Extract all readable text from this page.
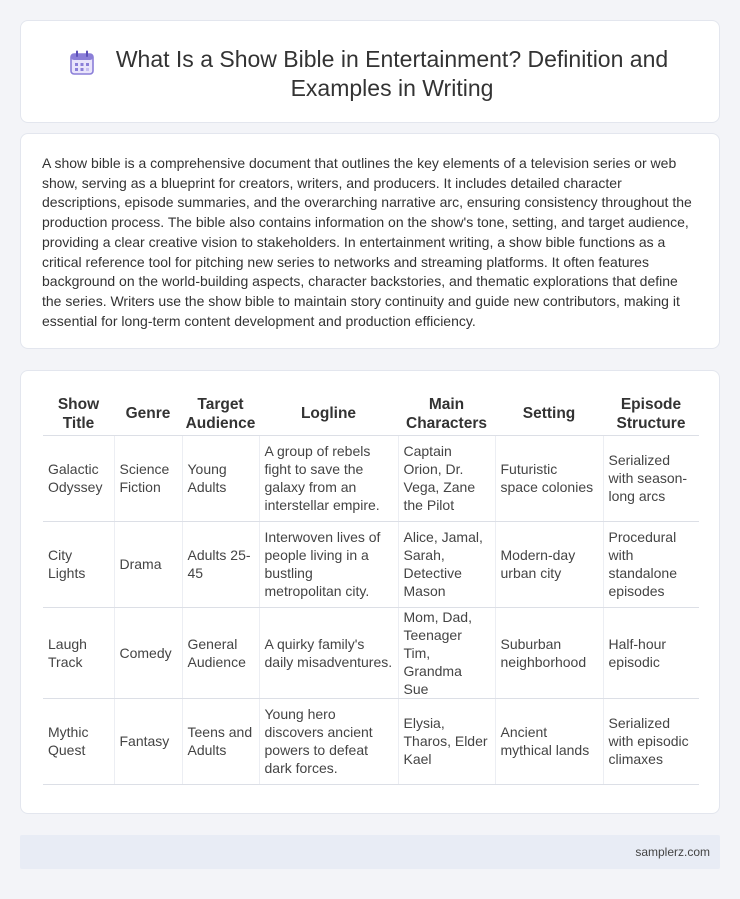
What Is a Show Bible in Entertainment? Definition and Examples in Writing

A show bible is a comprehensive document that outlines the key elements of a television series or web show, serving as a blueprint for creators, writers, and producers. It includes detailed character descriptions, episode summaries, and the overarching narrative arc, ensuring consistency throughout the production process. The bible also contains information on the show's tone, setting, and target audience, providing a clear creative vision to stakeholders. In entertainment writing, a show bible functions as a critical reference tool for pitching new series to networks and streaming platforms. It often features background on the world-building aspects, character backstories, and thematic explorations that define the series. Writers use the show bible to maintain story continuity and guide new contributors, making it essential for long-term content development and production efficiency.

Show Title	Genre	Target Audience	Logline	Main Characters	Setting	Episode Structure
Galactic Odyssey	Science Fiction	Young Adults	A group of rebels fight to save the galaxy from an interstellar empire.	Captain Orion, Dr. Vega, Zane the Pilot	Futuristic space colonies	Serialized with season-long arcs
City Lights	Drama	Adults 25-45	Interwoven lives of people living in a bustling metropolitan city.	Alice, Jamal, Sarah, Detective Mason	Modern-day urban city	Procedural with standalone episodes
Laugh Track	Comedy	General Audience	A quirky family's daily misadventures.	Mom, Dad, Teenager Tim, Grandma Sue	Suburban neighborhood	Half-hour episodic
Mythic Quest	Fantasy	Teens and Adults	Young hero discovers ancient powers to defeat dark forces.	Elysia, Tharos, Elder Kael	Ancient mythical lands	Serialized with episodic climaxes
samplerz.com
